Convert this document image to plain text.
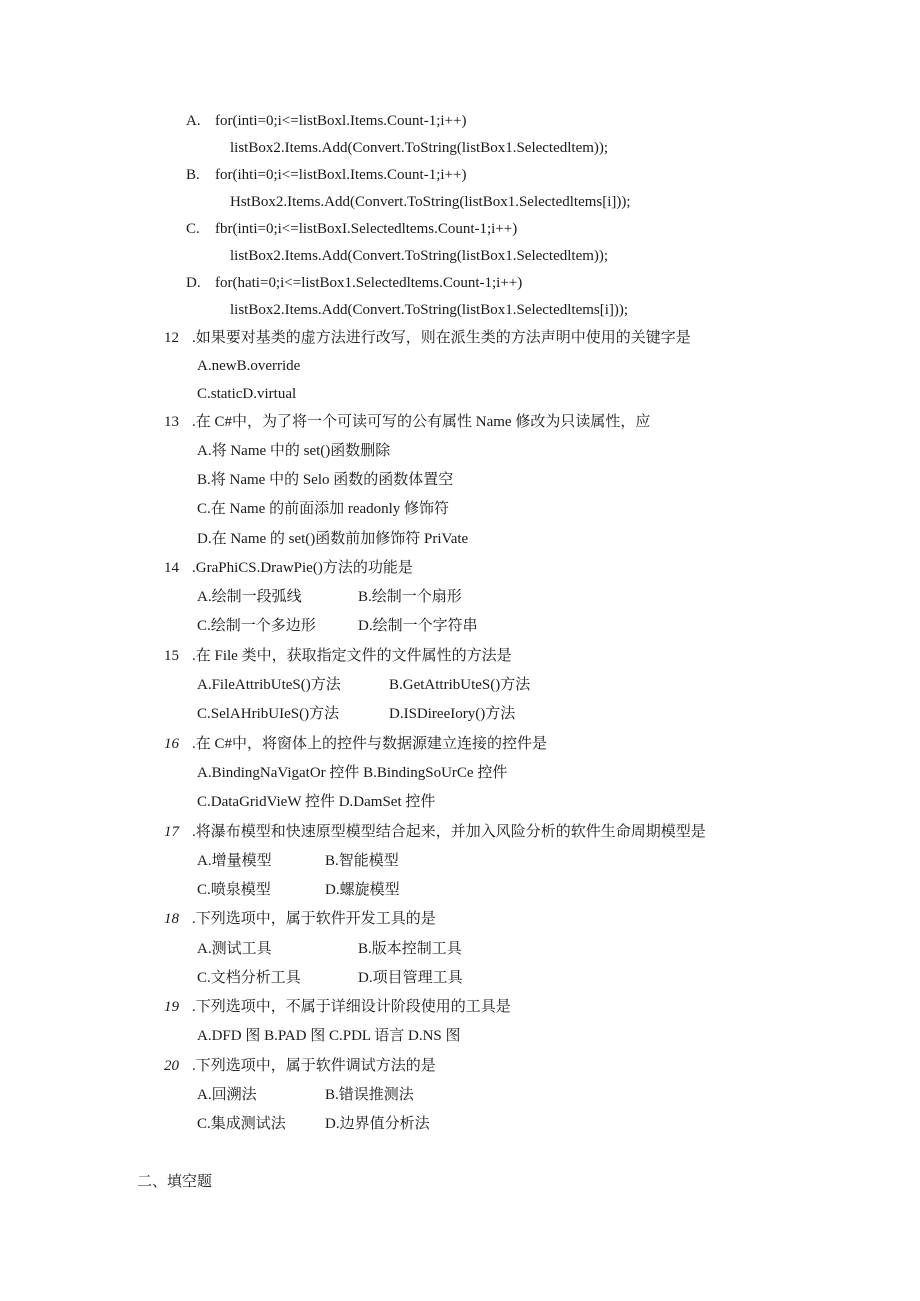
A. for(inti=0;i<=listBoxl.Items.Count-1;i++)
listBox2.Items.Add(Convert.ToString(listBox1.Selectedltem));
B. for(ihti=0;i<=listBoxl.Items.Count-1;i++)
HstBox2.Items.Add(Convert.ToString(listBox1.Selectedltems[i]));
C. fbr(inti=0;i<=listBoxI.Selectedltems.Count-1;i++)
listBox2.Items.Add(Convert.ToString(listBox1.Selectedltem));
D. for(hati=0;i<=listBox1.Selectedltems.Count-1;i++)
listBox2.Items.Add(Convert.ToString(listBox1.Selectedltems[i]));
12 .如果要对基类的虚方法进行改写，则在派生类的方法声明中使用的关键字是
A.newB.override
C.staticD.virtual
13 .在 C#中，为了将一个可读可写的公有属性 Name 修改为只读属性，应
A.将 Name 中的 set()函数删除
B.将 Name 中的 Selo 函数的函数体置空
C.在 Name 的前面添加 readonly 修饰符
D.在 Name 的 set()函数前加修饰符 PriVate
14 .GraPhiCS.DrawPie()方法的功能是
A.绘制一段弧线	B.绘制一个扇形
C.绘制一个多边形	D.绘制一个字符串
15 .在 File 类中，获取指定文件的文件属性的方法是
A.FileAttribUteS()方法	B.GetAttribUteS()方法
C.SelAHribUIeS()方法	D.ISDireeIory()方法
16 .在 C#中，将窗体上的控件与数据源建立连接的控件是
A.BindingNaVigatOr 控件 B.BindingSoUrCe 控件
C.DataGridVieW 控件 D.DamSet 控件
17 .将瀑布模型和快速原型模型结合起来，并加入风险分析的软件生命周期模型是
A.增量模型	B.智能模型
C.喷泉模型	D.螺旋模型
18 .下列选项中，属于软件开发工具的是
A.测试工具	B.版本控制工具
C.文档分析工具	D.项目管理工具
19 .下列选项中，不属于详细设计阶段使用的工具是
A.DFD 图 B.PAD 图 C.PDL 语言 D.NS 图
20 .下列选项中，属于软件调试方法的是
A.回溯法	B.错误推测法
C.集成测试法	D.边界值分析法
二、填空题
